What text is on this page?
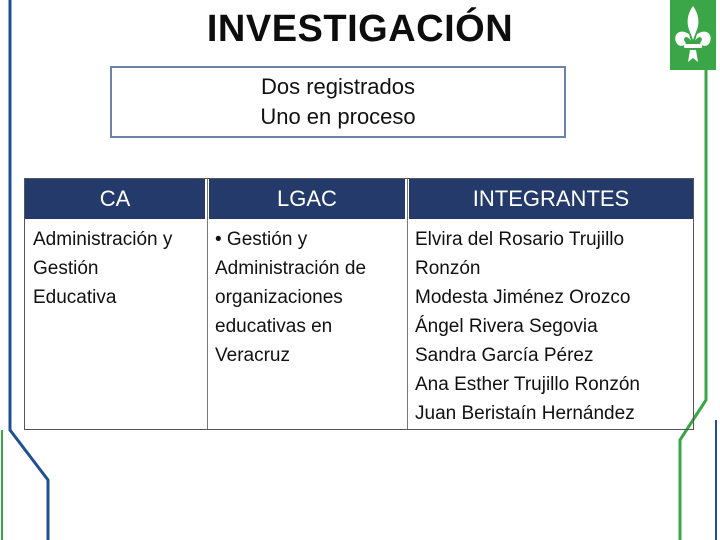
INVESTIGACIÓN
Dos registrados
Uno en proceso
CA	LGAC	INTEGRANTES
Administración y
Gestión
Educativa
• Gestión y
Administración de
organizaciones
educativas en
Veracruz
Elvira del Rosario Trujillo
Ronzón
Modesta Jiménez Orozco
Ángel Rivera Segovia
Sandra García Pérez
Ana Esther Trujillo Ronzón
Juan Beristaín Hernández
